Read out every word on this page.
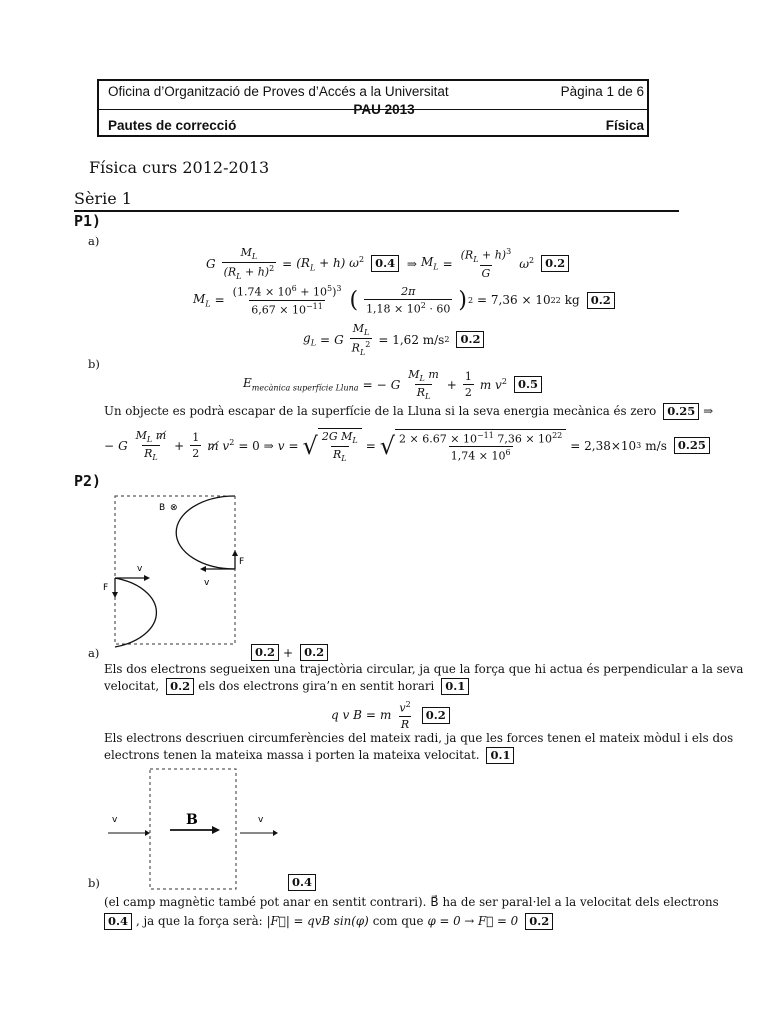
Oficina d’Organització de Proves d’Accés a la Universitat	Pàgina 1 de 6
PAU 2013
Pautes de correcció	Física
Física curs 2012-2013
Sèrie 1
P1)
a)
G $\frac{M_L}{(R_L + h)^2} = (R_L + h)$ $\omega^2$ 0.4 ⇒ $M_L = \frac{(R_L + h)^3}{G} \omega^2$ 0.2
$M_L = \frac{(1.74 \times 10^6 + 10^5)^3}{6,67 \times 10^{-11}}$ ( $\frac{2\pi}{1,18 \times 10^2 \cdot 60}$ ) 2 = 7,36 × 10 22 kg 0.2
$g_L = G \frac{M_L}{R_L^2} = 1,62$ m/s 2 0.2
b)
$E_{mecànica superfície Lluna}$ = − G $\frac{M_L m}{R_L} + \frac{1}{2}$ m $v^2$ 0.5
Un objecte es podrà escapar de la superfície de la Lluna si la seva energia mecànica és zero 0.25 ⇒
− G $\frac{M_L m̸}{R_L} + \frac{1}{2}$ m̸ $v^2 = 0$ ⇒ v = √ $\frac{2G M_L}{R_L}$ = √ $\frac{2 \times 6.67 \times 10^{-11} 7,36 \times 10^{22}}{1,74 \times 10^6} = 2,38\times 10$ 3 m/s 0.25
P2)
B ⊗
v
F	v
F
a)	0.2 + 0.2
Els dos electrons segueixen una trajectòria circular, ja que la força que hi actua és perpendicular a la seva
velocitat, 0.2 els dos electrons gira’n en sentit horari 0.1
q v B = m $\frac{v^2}{R}$	0.2
Els electrons descriuen circumferències del mateix radi, ja que les forces tenen el mateix mòdul i els dos
electrons tenen la mateixa massa i porten la mateixa velocitat. 0.1
v	B	v
b)	0.4
(el camp magnètic també pot anar en sentit contrari). B⃗ ha de ser paral·lel a la velocitat dels electrons
0.4 , ja que la força serà: |F⃗| = qvB sin(φ) com que φ = 0 → F⃗ = 0 0.2
